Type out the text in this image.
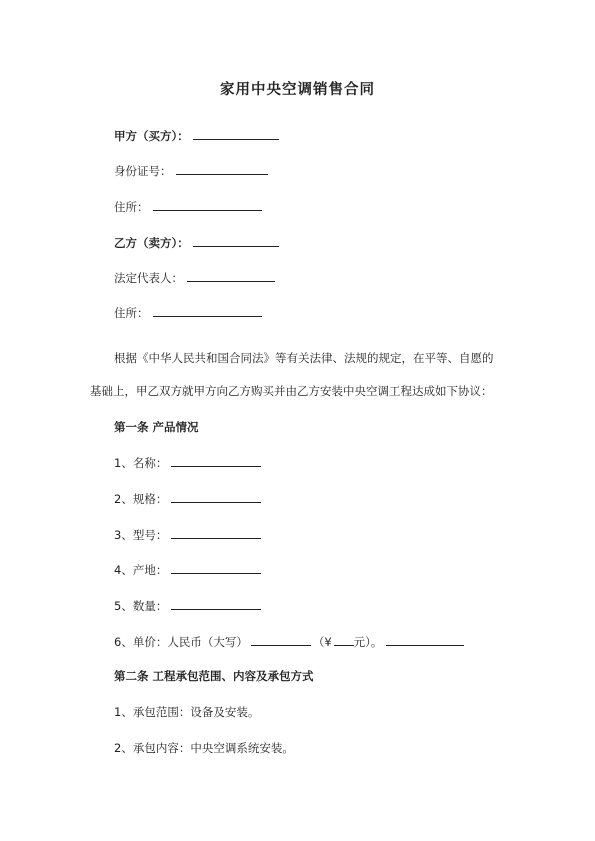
家用中央空调销售合同
甲方（买方）：
身份证号：
住所：
乙方（卖方）：
法定代表人：
住所：
根据《中华人民共和国合同法》等有关法律、法规的规定，在平等、自愿的
基础上，甲乙双方就甲方向乙方购买并由乙方安装中央空调工程达成如下协议：
第一条 产品情况
1、名称：
2、规格：
3、型号：
4、产地：
5、数量：
6、单价：人民币（大写）	（¥ 元）。
第二条 工程承包范围、内容及承包方式
1、承包范围：设备及安装。
2、承包内容：中央空调系统安装。
